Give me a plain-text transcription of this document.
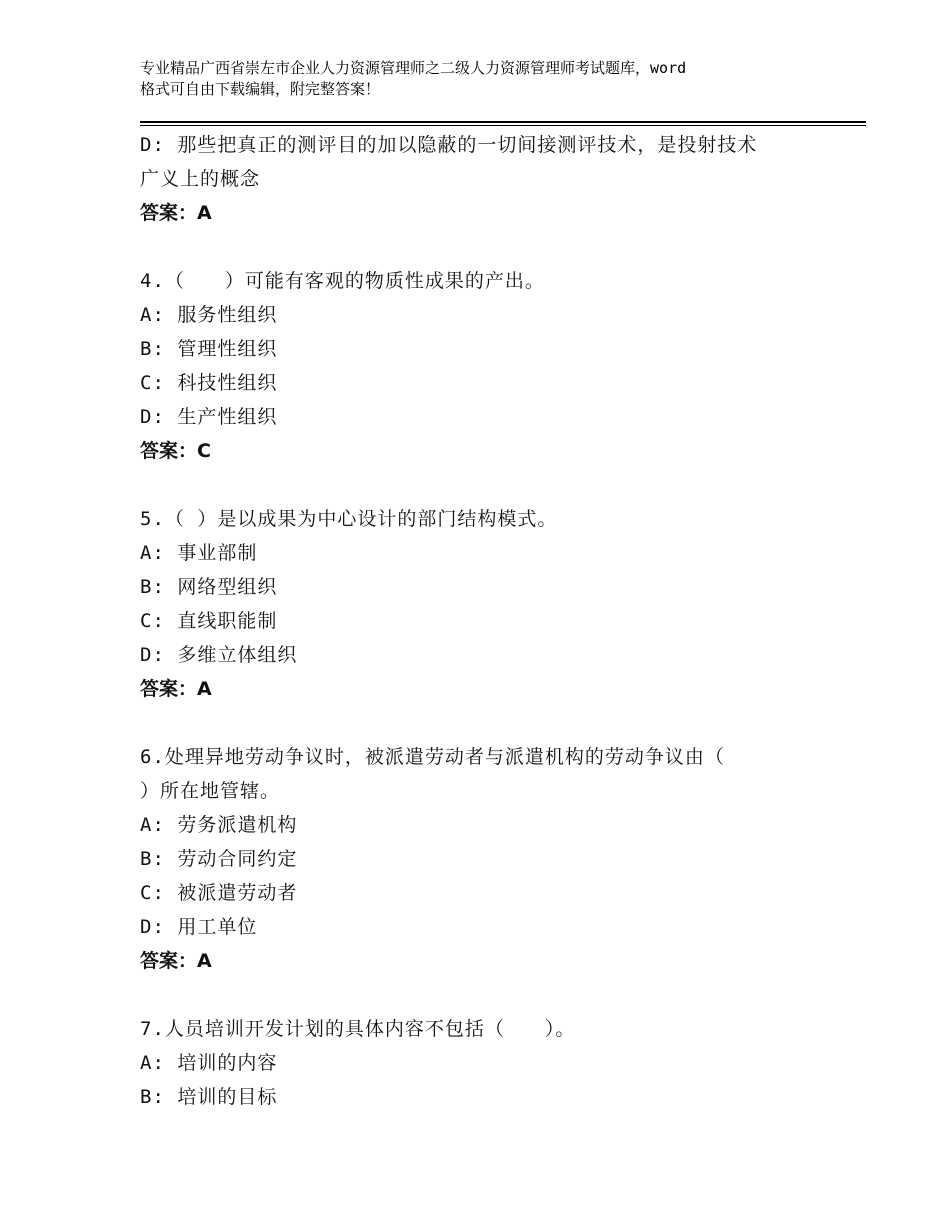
专业精品广西省崇左市企业人力资源管理师之二级人力资源管理师考试题库，word
格式可自由下载编辑，附完整答案！
D: 那些把真正的测评目的加以隐蔽的一切间接测评技术，是投射技术
广义上的概念
答案：A
4.（　　）可能有客观的物质性成果的产出。
A: 服务性组织
B: 管理性组织
C: 科技性组织
D: 生产性组织
答案：C
5.（ ）是以成果为中心设计的部门结构模式。
A: 事业部制
B: 网络型组织
C: 直线职能制
D: 多维立体组织
答案：A
6.处理异地劳动争议时，被派遣劳动者与派遣机构的劳动争议由（
）所在地管辖。
A: 劳务派遣机构
B: 劳动合同约定
C: 被派遣劳动者
D: 用工单位
答案：A
7.人员培训开发计划的具体内容不包括（　　）。
A: 培训的内容
B: 培训的目标
